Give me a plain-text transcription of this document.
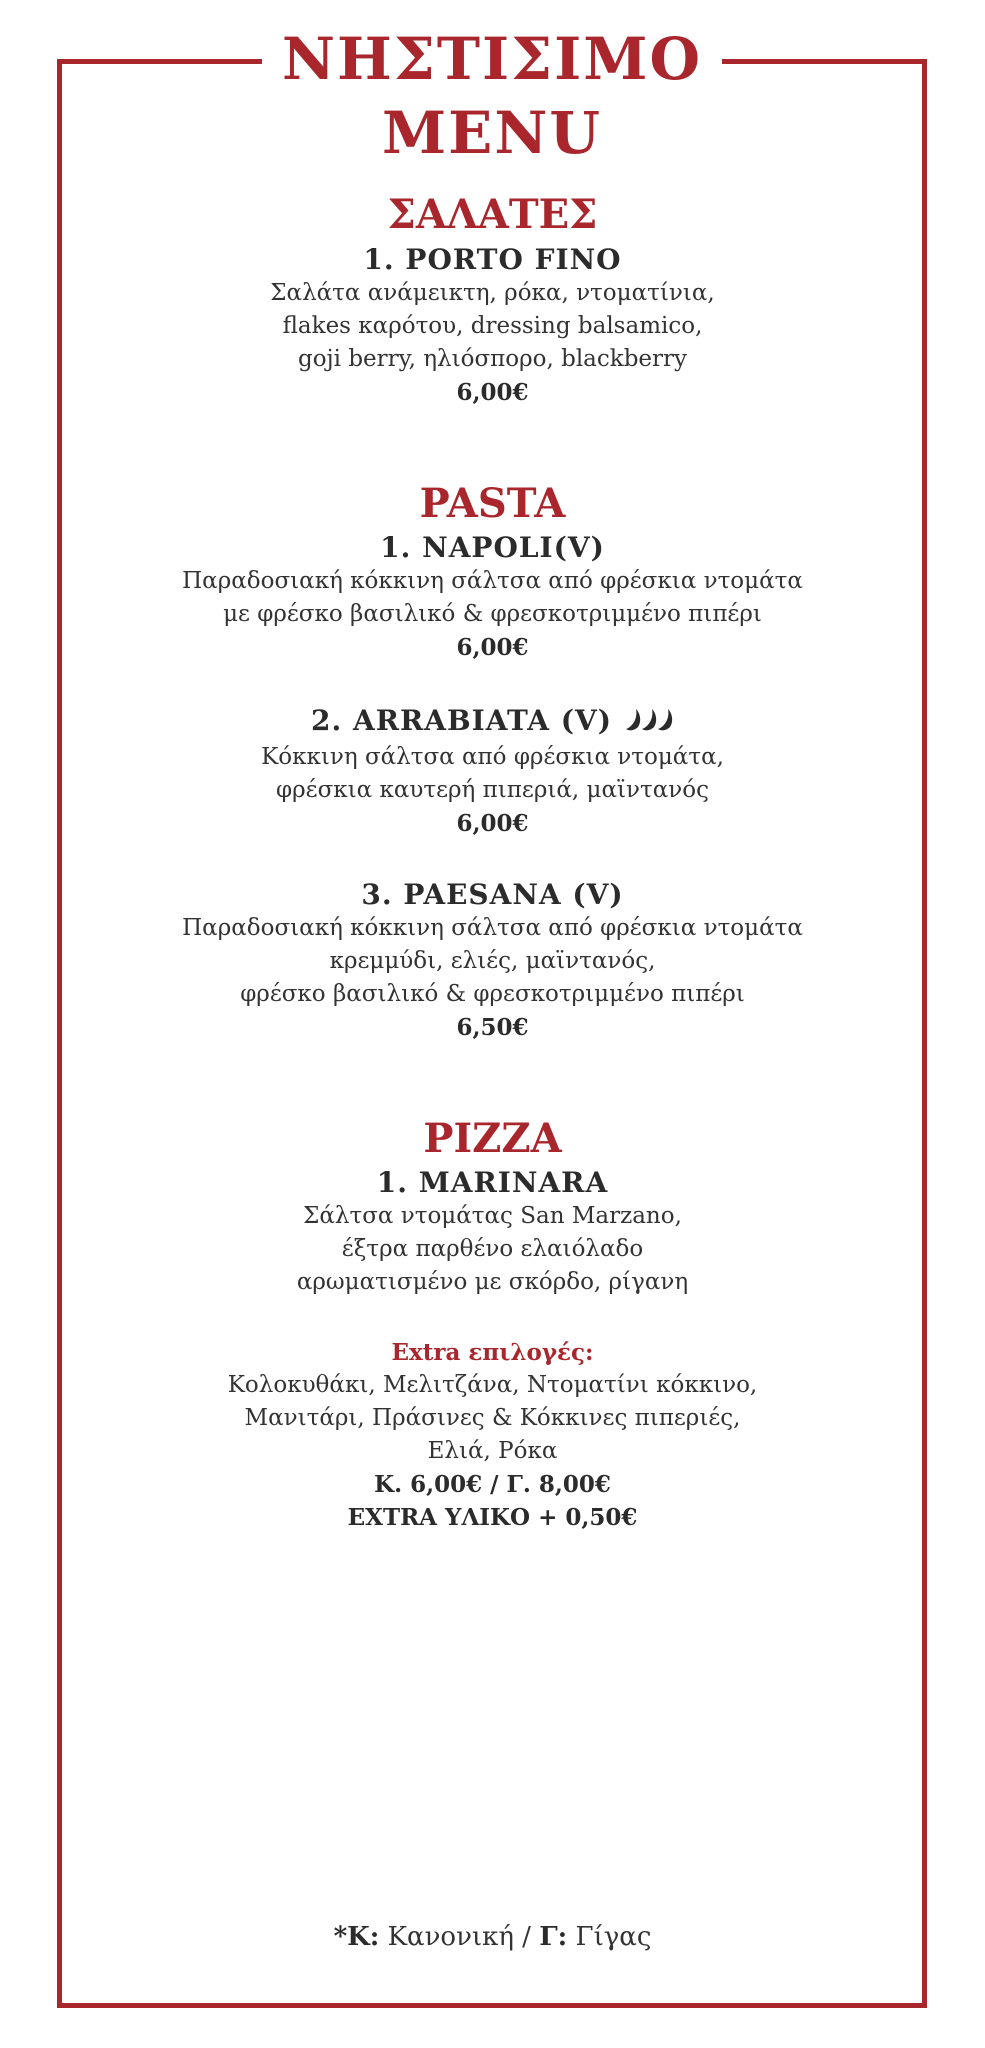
ΝΗΣΤΙΣΙΜΟ
MENU
ΣΑΛΑΤΕΣ
1. PORTO FINO
Σαλάτα ανάμεικτη, ρόκα, ντοματίνια,
flakes καρότου, dressing balsamico,
goji berry, ηλιόσπορο, blackberry
6,00€
PASTA
1. NAPOLI(V)
Παραδοσιακή κόκκινη σάλτσα από φρέσκια ντομάτα
με φρέσκο βασιλικό & φρεσκοτριμμένο πιπέρι
6,00€
2. ARRABIATA (V)
Κόκκινη σάλτσα από φρέσκια ντομάτα,
φρέσκια καυτερή πιπεριά, μαϊντανός
6,00€
3. PAESANA (V)
Παραδοσιακή κόκκινη σάλτσα από φρέσκια ντομάτα
κρεμμύδι, ελιές, μαϊντανός,
φρέσκο βασιλικό & φρεσκοτριμμένο πιπέρι
6,50€
PIZZA
1. MARINARA
Σάλτσα ντομάτας San Marzano,
έξτρα παρθένο ελαιόλαδο
αρωματισμένο με σκόρδο, ρίγανη
Extra επιλογές:
Κολοκυθάκι, Μελιτζάνα, Ντοματίνι κόκκινο,
Μανιτάρι, Πράσινες & Κόκκινες πιπεριές,
Ελιά, Ρόκα
Κ. 6,00€ / Γ. 8,00€
EXTRA ΥΛΙΚΟ + 0,50€
*Κ: Κανονική / Γ: Γίγας
